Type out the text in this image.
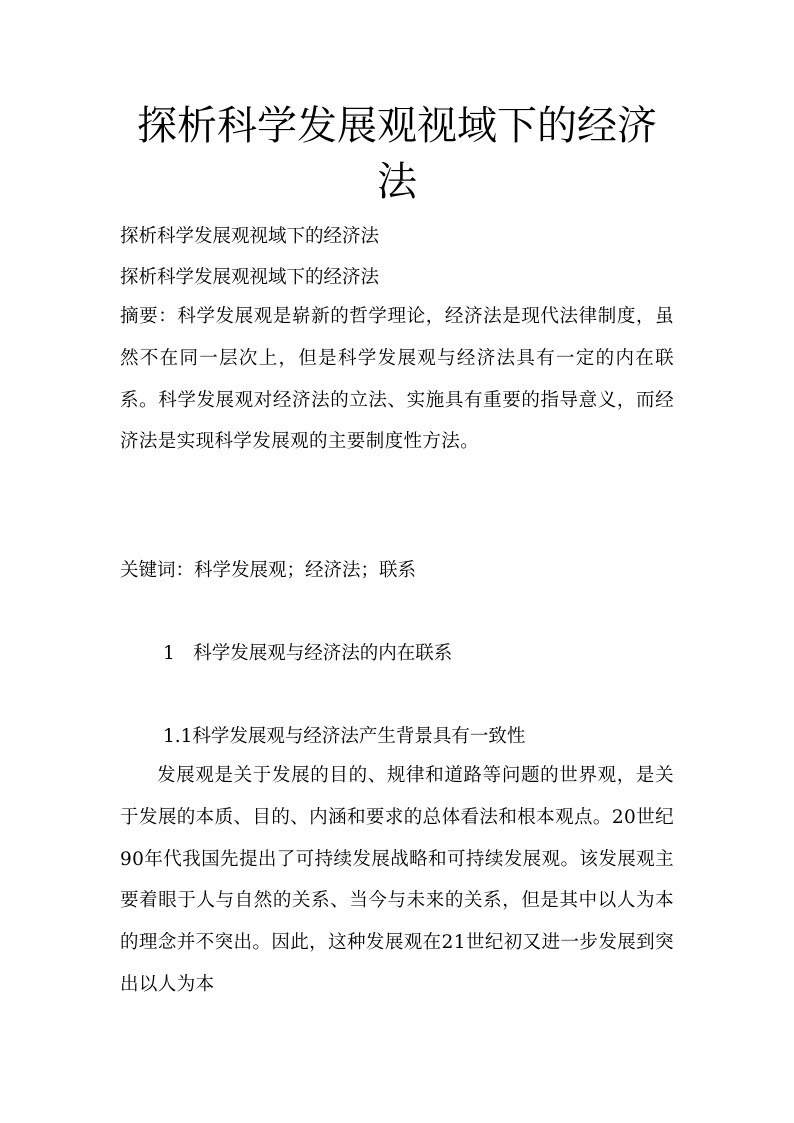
探析科学发展观视域下的经济法

探析科学发展观视域下的经济法

探析科学发展观视域下的经济法

摘要：科学发展观是崭新的哲学理论，经济法是现代法律制度，虽然不在同一层次上，但是科学发展观与经济法具有一定的内在联系。科学发展观对经济法的立法、实施具有重要的指导意义，而经济法是实现科学发展观的主要制度性方法。

关键词：科学发展观；经济法；联系

1　科学发展观与经济法的内在联系

1.1科学发展观与经济法产生背景具有一致性

发展观是关于发展的目的、规律和道路等问题的世界观，是关于发展的本质、目的、内涵和要求的总体看法和根本观点。20世纪90年代我国先提出了可持续发展战略和可持续发展观。该发展观主要着眼于人与自然的关系、当今与未来的关系，但是其中以人为本的理念并不突出。因此，这种发展观在21世纪初又进一步发展到突出以人为本
